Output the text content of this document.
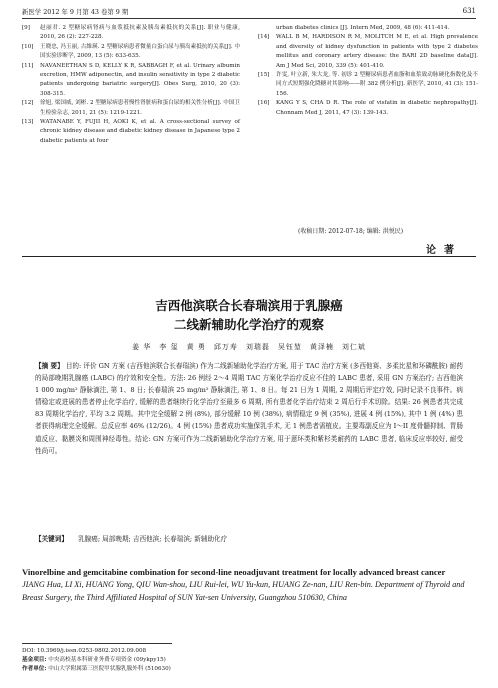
新医学 2012 年 9 月第 43 卷第 9 期	631
[9]	赵丽君. 2 型糖尿病肾病与血浆抵抗素及胰岛素抵抗的关系[J]. 职业与健康, 2010, 26 (2): 227-228.
[10]	王晓忠, 冯玉丽, 古維瑛. 2 型糖尿病患者微量白蛋白尿与胰岛素抵抗的关系[J]. 中国实验诊断学, 2009, 13 (5): 633-635.
[11]	NAVANEETHAN S D, KELLY K R, SABBAGH F, et al. Urinary albumin excretion, HMW adiponectin, and insulin sensitivity in type 2 diabetic patients undergoing bariatric surgery[J]. Obes Surg, 2010, 20 (3): 308-315.
[12]	徐旭, 梁国威, 刘彬. 2 型糖尿病患者慢性肾脏病和蛋白尿的相关性分析[J]. 中国卫生检验杂志, 2011, 21 (5): 1219-1221.
[13]	WATANABE Y, FUJII H, AOKI K, et al. A cross-sectional survey of chronic kidney disease and diabetic kidney disease in Japanese type 2 diabetic patients at four
urban diabetes clinics [J]. Intern Med, 2009, 48 (6): 411-414.
[14]	WALL B M, HARDISON R M, MOLITCH M E, et al. High prevalence and diversity of kidney dysfunction in patients with type 2 diabetes mellitus and coronary artery disease: the BARI 2D baseline data[J]. Am J Med Sci, 2010, 339 (5): 401-410.
[15]	许雯, 叶立新, 朱大龙, 等. 初诊 2 型糖尿病患者血脂和血浆致动脉硬化指数化及不同方式短期强化降糖对其影响——附 382 例分析[J]. 新医学, 2010, 41 (3): 151-156.
[16]	KANG Y S, CHA D R. The role of visfatin in diabetic nephropathy[J]. Chonnam Med J, 2011, 47 (3): 139-143.
(收稿日期: 2012-07-18; 编辑: 洪悦民)
论著
吉西他滨联合长春瑞滨用于乳腺癌
二线新辅助化学治疗的观察
姜 华　李 玺　黄 勇　邱万寿　刘瑞磊　吴钰堃　黄泽楠　刘仁斌
【摘 要】 目的: 评价 GN 方案 (吉西他滨联合长春瑞滨) 作为二线新辅助化学治疗方案, 用于 TAC 治疗方案 (多西他赛、多柔比星和环磷酰胺) 耐药的局部晚期乳腺癌 (LABC) 的疗效和安全性。方法: 26 例经 2～4 周期 TAC 方案化学治疗反应不佳的 LABC 患者, 采用 GN 方案治疗; 吉西他滨 1 000 mg/m² 静脉滴注, 第 1、8 日; 长春瑞滨 25 mg/m² 静脉滴注, 第 1、8 日。每 21 日为 1 周期, 2 周期后评定疗效, 同时记录不良事件。病情稳定或进展的患者停止化学治疗, 缓解的患者继续行化学治疗至最多 6 周期, 所有患者化学治疗结束 2 周后行手术切除。结果: 26 例患者共完成 83 周期化学治疗, 平均 3.2 周期。其中完全缓解 2 例 (8%), 部分缓解 10 例 (38%), 病情稳定 9 例 (35%), 进展 4 例 (15%), 其中 1 例 (4%) 患者获得病理完全缓解。总反应率 46% (12/26)。4 例 (15%) 患者成功实施保乳手术, 无 1 例患者需植皮。主要毒副反应为 I～II 度骨髓抑制、胃肠道反应、黏膜炎和周围神经毒性。结论: GN 方案可作为二线新辅助化学治疗方案, 用于蒽环类和紫杉类耐药的 LABC 患者, 临床反应率较好, 耐受性尚可。
【关键词】 乳腺癌; 局部晚期; 吉西他滨; 长春瑞滨; 新辅助化疗
Vinorelbine and gemcitabine combination for second-line neoadjuvant treatment for locally advanced breast cancer
JIANG Hua, LI Xi, HUANG Yong, QIU Wan-shou, LIU Rui-lei, WU Yu-kun, HUANG Ze-nan, LIU Ren-bin. Department of Thyroid and Breast Surgery, the Third Affiliated Hospital of SUN Yat-sen University, Guangzhou 510630, China
DOI: 10.3969/j.issn.0253-9802.2012.09.008
基金项目: 中央高校基本科研业务费专项资金 (09ykpy15)
作者单位: 中山大学附属第三医院甲状腺乳腺外科 (510630)
